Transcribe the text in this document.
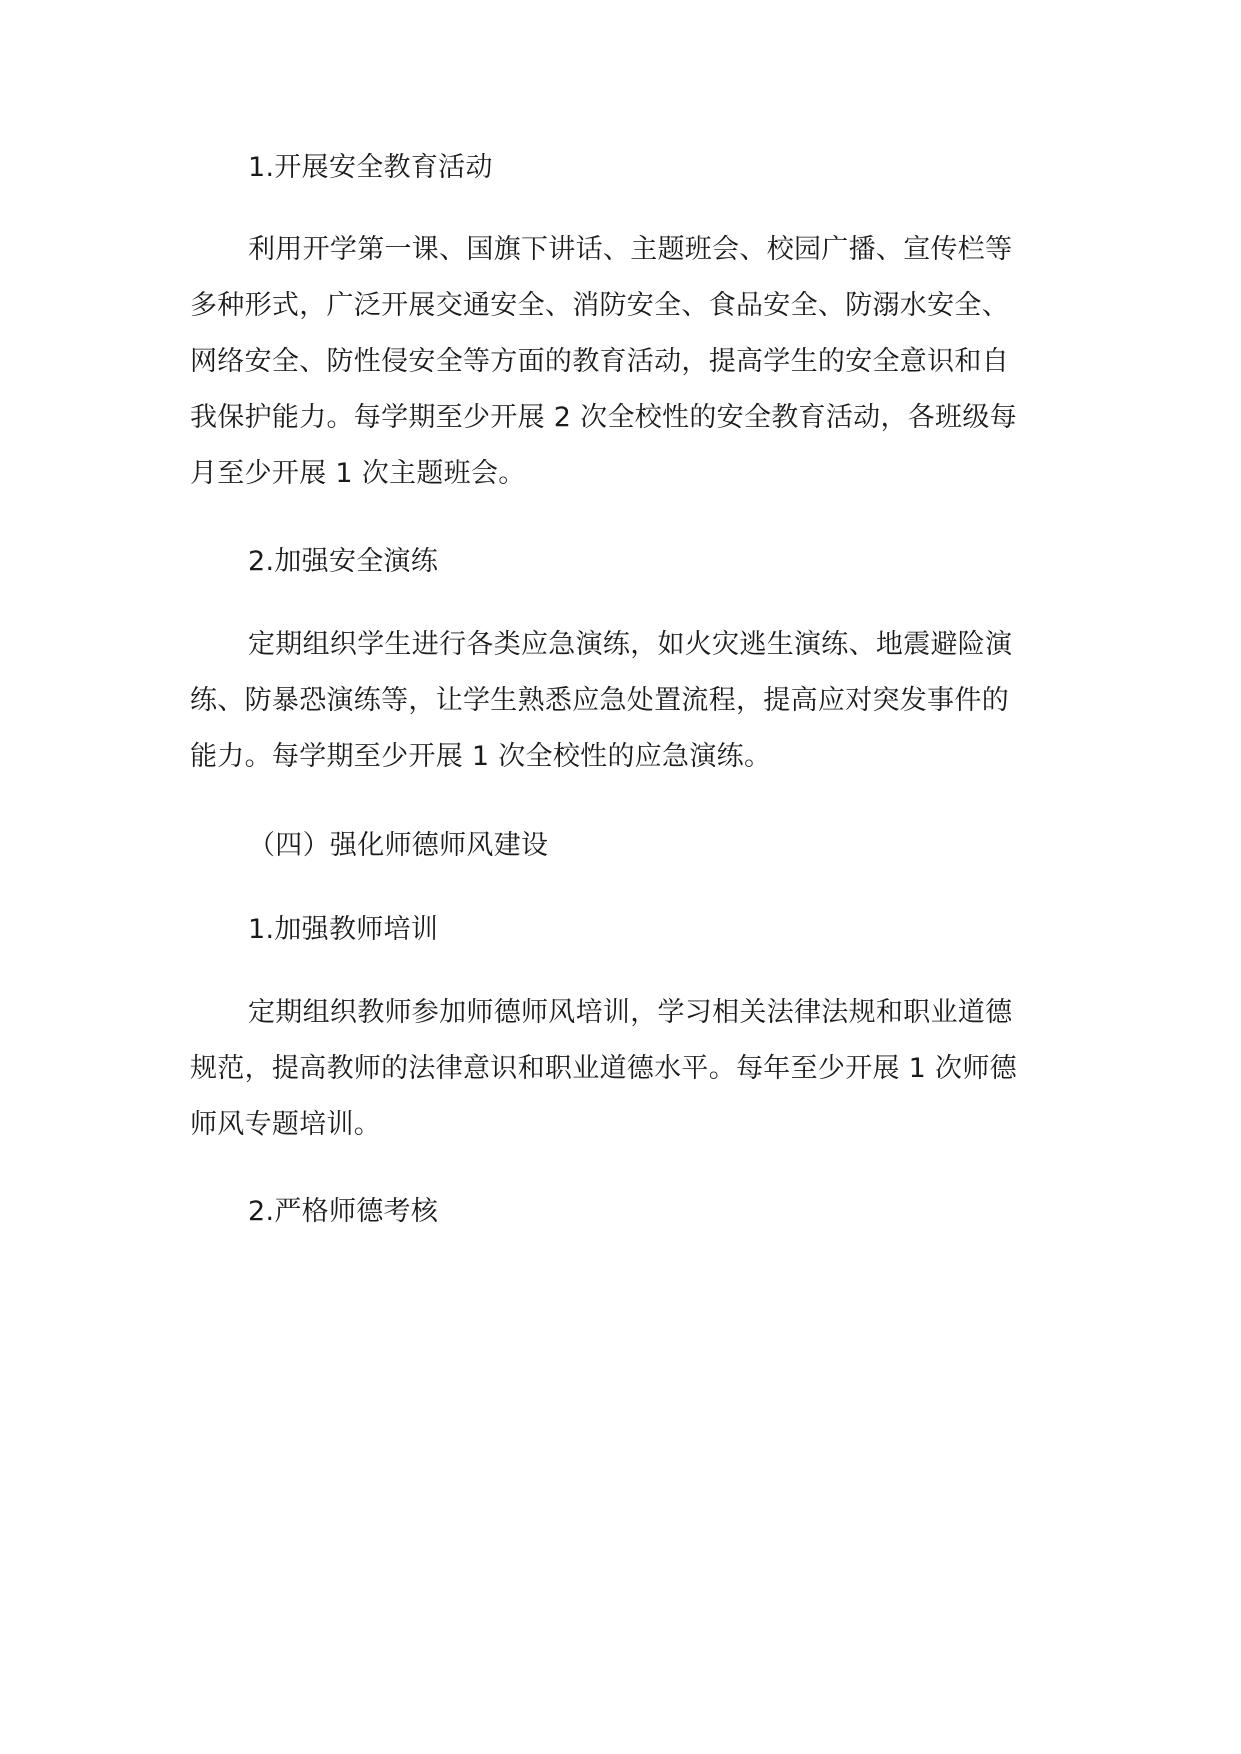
1.开展安全教育活动
利用开学第一课、国旗下讲话、主题班会、校园广播、宣传栏等
多种形式，广泛开展交通安全、消防安全、食品安全、防溺水安全、
网络安全、防性侵安全等方面的教育活动，提高学生的安全意识和自
我保护能力。每学期至少开展 2 次全校性的安全教育活动，各班级每
月至少开展 1 次主题班会。
2.加强安全演练
定期组织学生进行各类应急演练，如火灾逃生演练、地震避险演
练、防暴恐演练等，让学生熟悉应急处置流程，提高应对突发事件的
能力。每学期至少开展 1 次全校性的应急演练。
（四）强化师德师风建设
1.加强教师培训
定期组织教师参加师德师风培训，学习相关法律法规和职业道德
规范，提高教师的法律意识和职业道德水平。每年至少开展 1 次师德
师风专题培训。
2.严格师德考核
